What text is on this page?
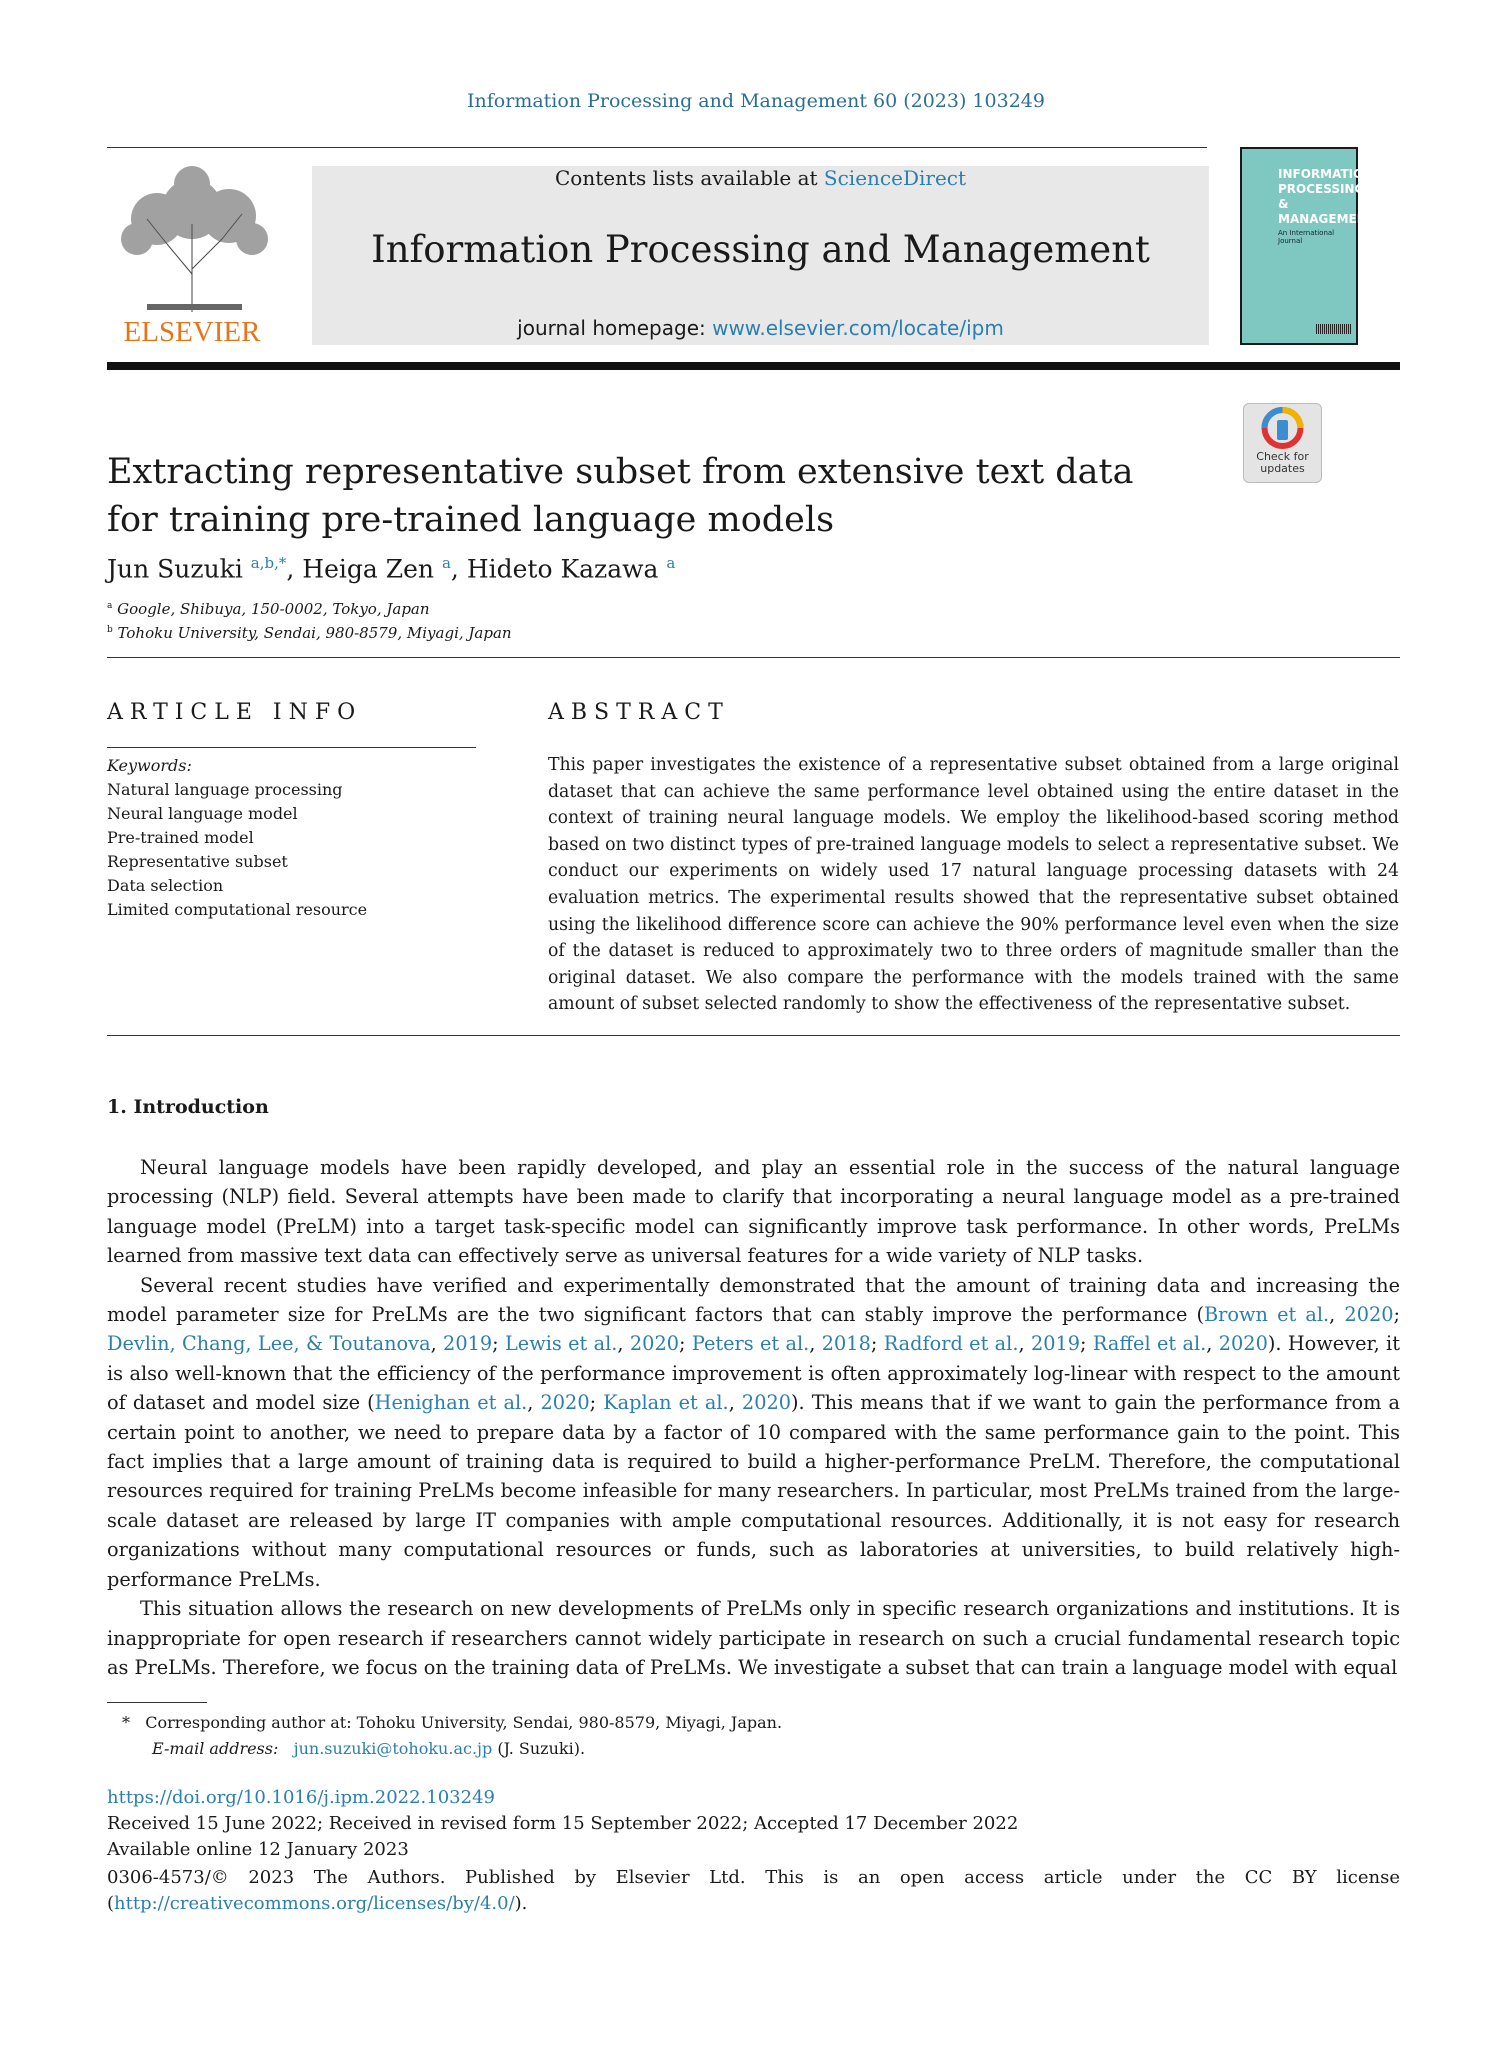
Information Processing and Management 60 (2023) 103249
ELSEVIER
Contents lists available at ScienceDirect
Information Processing and Management
journal homepage: www.elsevier.com/locate/ipm
INFORMATION PROCESSING & MANAGEMENT
An International Journal
Check for updates
Extracting representative subset from extensive text data for training pre-trained language models
Jun Suzuki $^{a,b,*}$, Heiga Zen $^a$, Hideto Kazawa $^a$
$^a$ Google, Shibuya, 150-0002, Tokyo, Japan
$^b$ Tohoku University, Sendai, 980-8579, Miyagi, Japan
ARTICLE INFO	ABSTRACT
Keywords:
Natural language processing
Neural language model
Pre-trained model
Representative subset
Data selection
Limited computational resource
This paper investigates the existence of a representative subset obtained from a large original dataset that can achieve the same performance level obtained using the entire dataset in the context of training neural language models. We employ the likelihood-based scoring method based on two distinct types of pre-trained language models to select a representative subset. We conduct our experiments on widely used 17 natural language processing datasets with 24 evaluation metrics. The experimental results showed that the representative subset obtained using the likelihood difference score can achieve the 90% performance level even when the size of the dataset is reduced to approximately two to three orders of magnitude smaller than the original dataset. We also compare the performance with the models trained with the same amount of subset selected randomly to show the effectiveness of the representative subset.
1. Introduction

Neural language models have been rapidly developed, and play an essential role in the success of the natural language processing (NLP) field. Several attempts have been made to clarify that incorporating a neural language model as a pre-trained language model (PreLM) into a target task-specific model can significantly improve task performance. In other words, PreLMs learned from massive text data can effectively serve as universal features for a wide variety of NLP tasks.

Several recent studies have verified and experimentally demonstrated that the amount of training data and increasing the model parameter size for PreLMs are the two significant factors that can stably improve the performance (Brown et al., 2020; Devlin, Chang, Lee, & Toutanova, 2019; Lewis et al., 2020; Peters et al., 2018; Radford et al., 2019; Raffel et al., 2020). However, it is also well-known that the efficiency of the performance improvement is often approximately log-linear with respect to the amount of dataset and model size (Henighan et al., 2020; Kaplan et al., 2020). This means that if we want to gain the performance from a certain point to another, we need to prepare data by a factor of 10 compared with the same performance gain to the point. This fact implies that a large amount of training data is required to build a higher-performance PreLM. Therefore, the computational resources required for training PreLMs become infeasible for many researchers. In particular, most PreLMs trained from the large-scale dataset are released by large IT companies with ample computational resources. Additionally, it is not easy for research organizations without many computational resources or funds, such as laboratories at universities, to build relatively high-performance PreLMs.

This situation allows the research on new developments of PreLMs only in specific research organizations and institutions. It is inappropriate for open research if researchers cannot widely participate in research on such a crucial fundamental research topic as PreLMs. Therefore, we focus on the training data of PreLMs. We investigate a subset that can train a language model with equal

* Corresponding author at: Tohoku University, Sendai, 980-8579, Miyagi, Japan.
E-mail address: jun.suzuki@tohoku.ac.jp (J. Suzuki).
https://doi.org/10.1016/j.ipm.2022.103249
Received 15 June 2022; Received in revised form 15 September 2022; Accepted 17 December 2022
Available online 12 January 2023
0306-4573/© 2023 The Authors. Published by Elsevier Ltd. This is an open access article under the CC BY license (http://creativecommons.org/licenses/by/4.0/).
